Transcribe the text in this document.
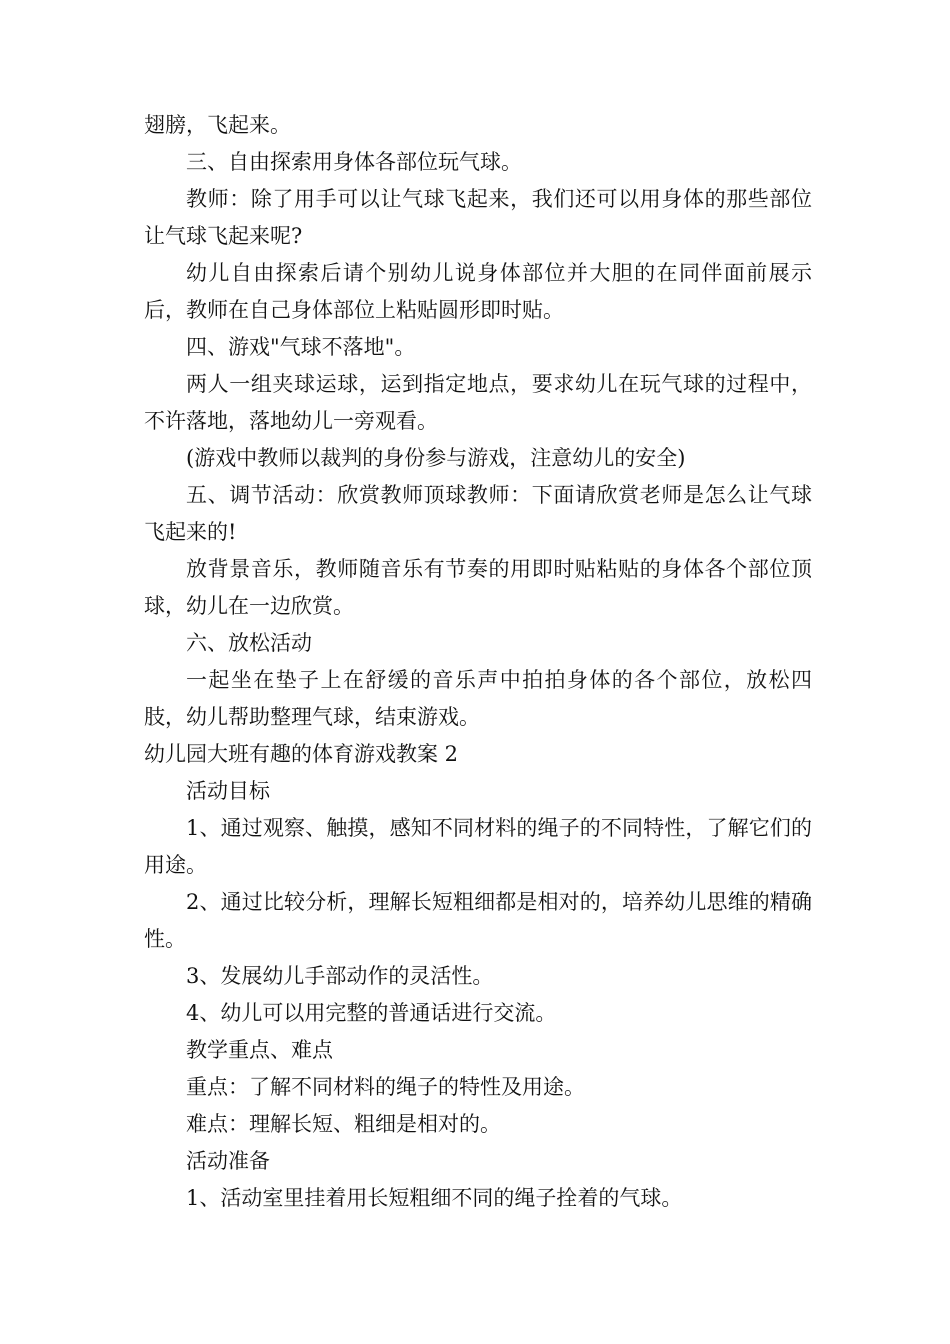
翅膀，飞起来。

三、自由探索用身体各部位玩气球。

教师：除了用手可以让气球飞起来，我们还可以用身体的那些部位让气球飞起来呢?

幼儿自由探索后请个别幼儿说身体部位并大胆的在同伴面前展示后，教师在自己身体部位上粘贴圆形即时贴。

四、游戏"气球不落地"。

两人一组夹球运球，运到指定地点，要求幼儿在玩气球的过程中，不许落地，落地幼儿一旁观看。

(游戏中教师以裁判的身份参与游戏，注意幼儿的安全)

五、调节活动：欣赏教师顶球教师：下面请欣赏老师是怎么让气球飞起来的!

放背景音乐，教师随音乐有节奏的用即时贴粘贴的身体各个部位顶球，幼儿在一边欣赏。

六、放松活动

一起坐在垫子上在舒缓的音乐声中拍拍身体的各个部位，放松四肢，幼儿帮助整理气球，结束游戏。

幼儿园大班有趣的体育游戏教案 2

活动目标

1、通过观察、触摸，感知不同材料的绳子的不同特性，了解它们的用途。

2、通过比较分析，理解长短粗细都是相对的，培养幼儿思维的精确性。

3、发展幼儿手部动作的灵活性。

4、幼儿可以用完整的普通话进行交流。

教学重点、难点

重点：了解不同材料的绳子的特性及用途。

难点：理解长短、粗细是相对的。

活动准备

1、活动室里挂着用长短粗细不同的绳子拴着的气球。
